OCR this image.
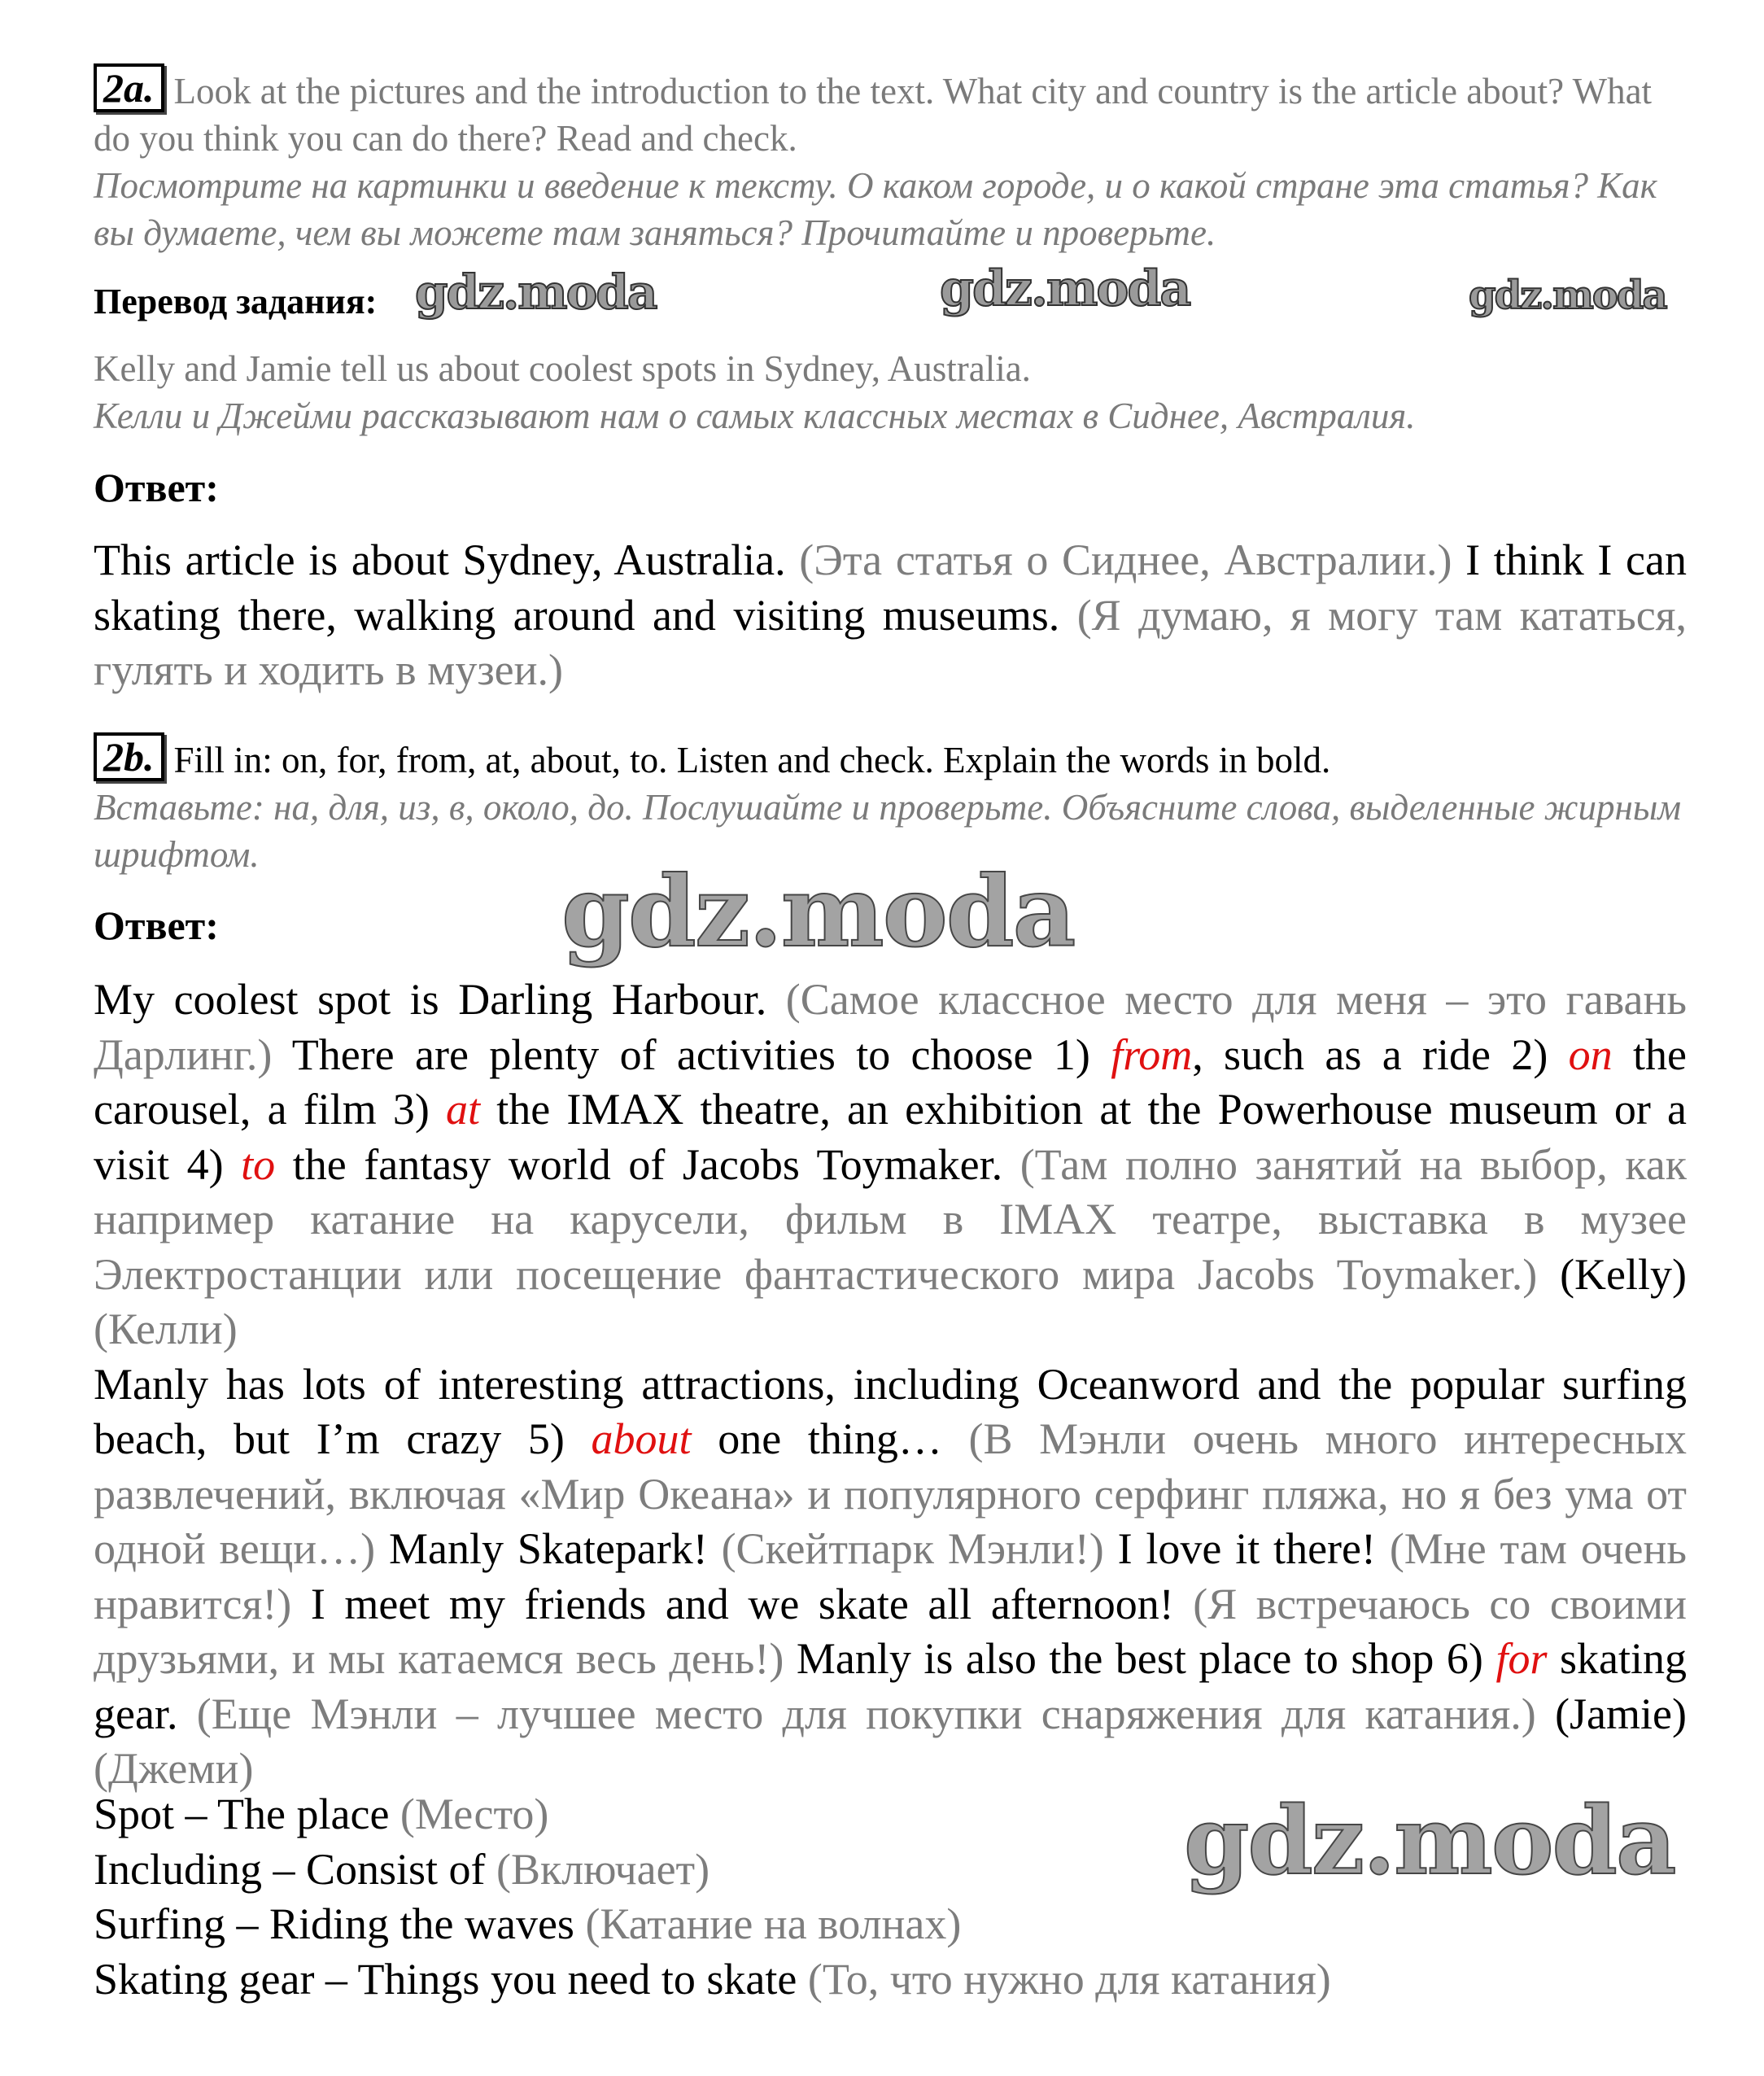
2a. Look at the pictures and the introduction to the text. What city and country is the article about? What do you think you can do there? Read and check.
Посмотрите на картинки и введение к тексту. О каком городе, и о какой стране эта статья? Как вы думаете, чем вы можете там заняться? Прочитайте и проверьте.
Перевод задания:
Kelly and Jamie tell us about coolest spots in Sydney, Australia.
Келли и Джейми рассказывают нам о самых классных местах в Сиднее, Австралия.
Ответ:
This article is about Sydney, Australia. (Эта статья о Сиднее, Австралии.) I think I can skating there, walking around and visiting museums. (Я думаю, я могу там кататься, гулять и ходить в музеи.)
2b. Fill in: on, for, from, at, about, to. Listen and check. Explain the words in bold.
Вставьте: на, для, из, в, около, до. Послушайте и проверьте. Объясните слова, выделенные жирным шрифтом.
Ответ:
My coolest spot is Darling Harbour. (Самое классное место для меня – это гавань Дарлинг.) There are plenty of activities to choose 1) from, such as a ride 2) on the carousel, a film 3) at the IMAX theatre, an exhibition at the Powerhouse museum or a visit 4) to the fantasy world of Jacobs Toymaker. (Там полно занятий на выбор, как например катание на карусели, фильм в IMAX театре, выставка в музее Электростанции или посещение фантастического мира Jacobs Toymaker.) (Kelly) (Келли)
Manly has lots of interesting attractions, including Oceanword and the popular surfing beach, but I’m crazy 5) about one thing… (В Мэнли очень много интересных развлечений, включая «Мир Океана» и популярного серфинг пляжа, но я без ума от одной вещи…) Manly Skatepark! (Скейтпарк Мэнли!) I love it there! (Мне там очень нравится!) I meet my friends and we skate all afternoon! (Я встречаюсь со своими друзьями, и мы катаемся весь день!) Manly is also the best place to shop 6) for skating gear. (Еще Мэнли – лучшее место для покупки снаряжения для катания.) (Jamie) (Джеми)
Spot – The place (Место)
Including – Consist of (Включает)
Surfing – Riding the waves (Катание на волнах)
Skating gear – Things you need to skate (То, что нужно для катания)
gdz.moda	gdz.moda	gdz.moda
gdz.moda
gdz.moda
